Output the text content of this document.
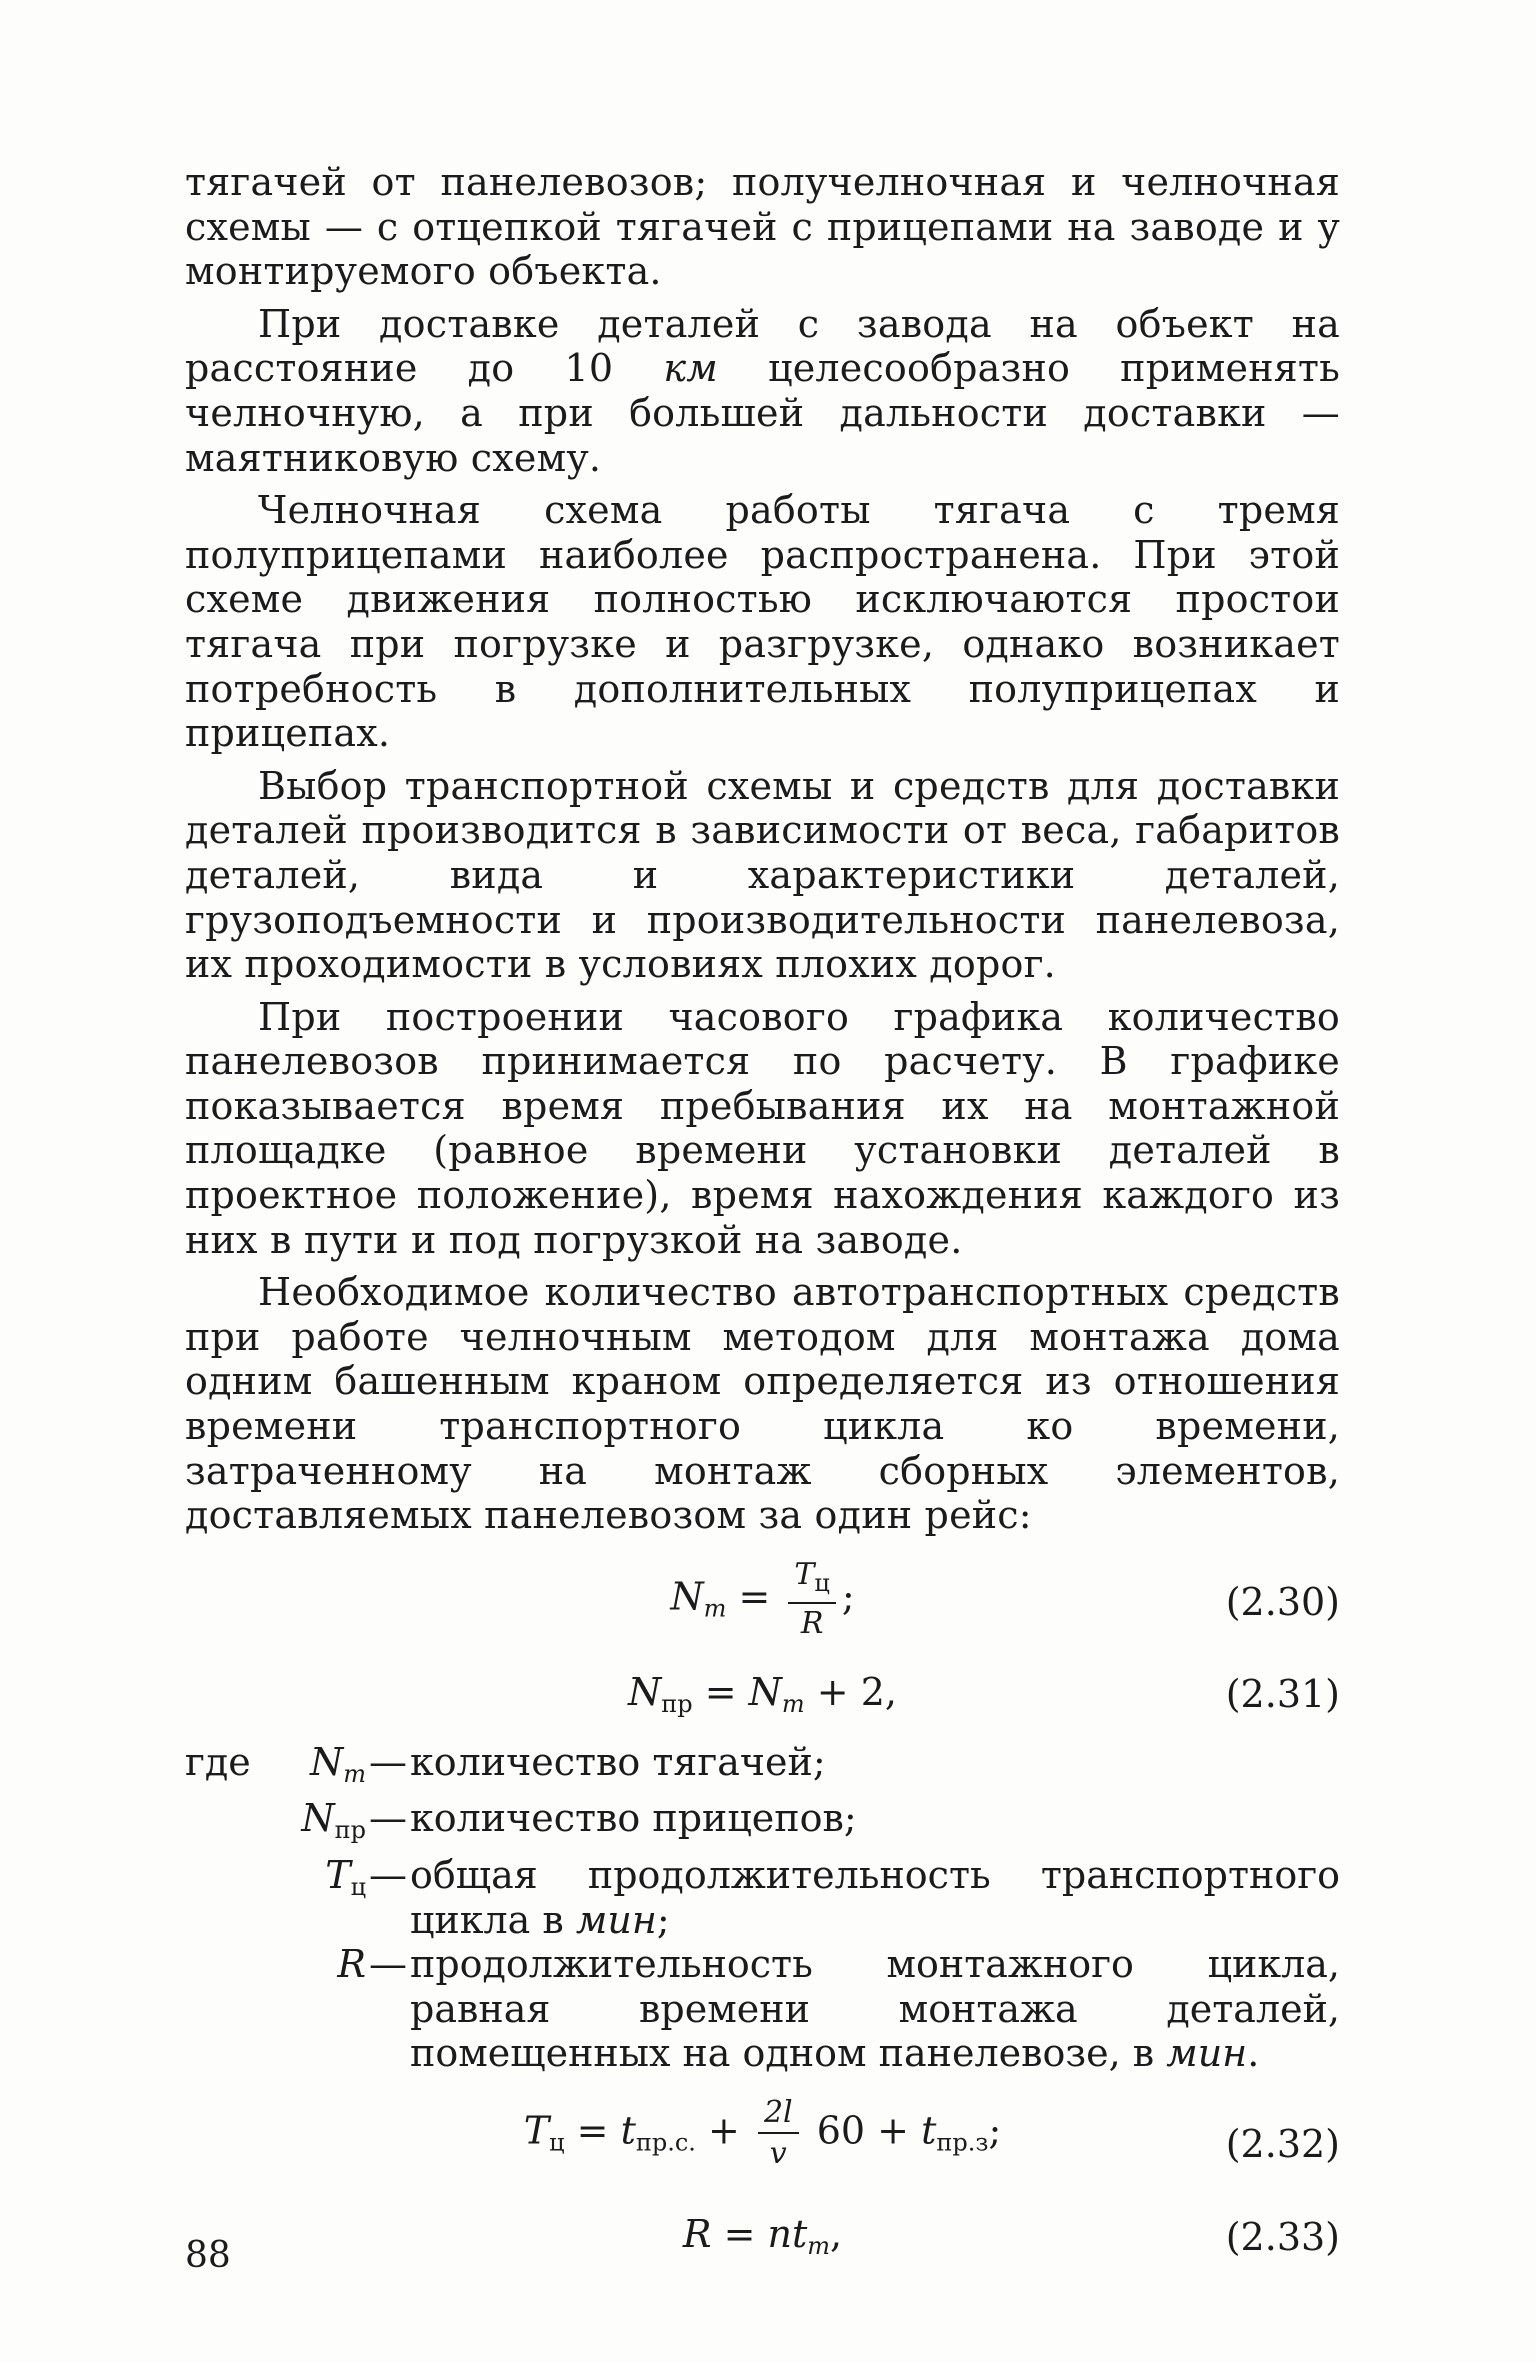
тягачей от панелевозов; получелночная и челночная схемы — с отцепкой тягачей с прицепами на заводе и у монтируемого объекта.

При доставке деталей с завода на объект на расстояние до 10 км целесообразно применять челночную, а при большей дальности доставки — маятниковую схему.

Челночная схема работы тягача с тремя полуприцепами наиболее распространена. При этой схеме движения полностью исключаются простои тягача при погрузке и разгрузке, однако возникает потребность в дополнительных полуприцепах и прицепах.

Выбор транспортной схемы и средств для доставки деталей производится в зависимости от веса, габаритов деталей, вида и характеристики деталей, грузоподъемности и производительности панелевоза, их проходимости в условиях плохих дорог.

При построении часового графика количество панелевозов принимается по расчету. В графике показывается время пребывания их на монтажной площадке (равное времени установки деталей в проектное положение), время нахождения каждого из них в пути и под погрузкой на заводе.

Необходимое количество автотранспортных средств при работе челночным методом для монтажа дома одним башенным краном определяется из отношения времени транспортного цикла ко времени, затраченному на монтаж сборных элементов, доставляемых панелевозом за один рейс:

$N_m = \frac{T_ц}{R}$ ;	(2.30)
$N_{пр} = N_m + 2$,	(2.31)
где	$N_m$ — количество тягачей;
$N_{пр}$ — количество прицепов;
$T_ц$ — общая продолжительность транспортного цикла в мин;
R — продолжительность монтажного цикла, равная времени монтажа деталей, помещенных на одном панелевозе, в мин.
$T_ц = t_{пр.с.} + \frac{2l}{v} 60 + t_{пр.з}$;	(2.32)
$R = nt_m$,	(2.33)
88
